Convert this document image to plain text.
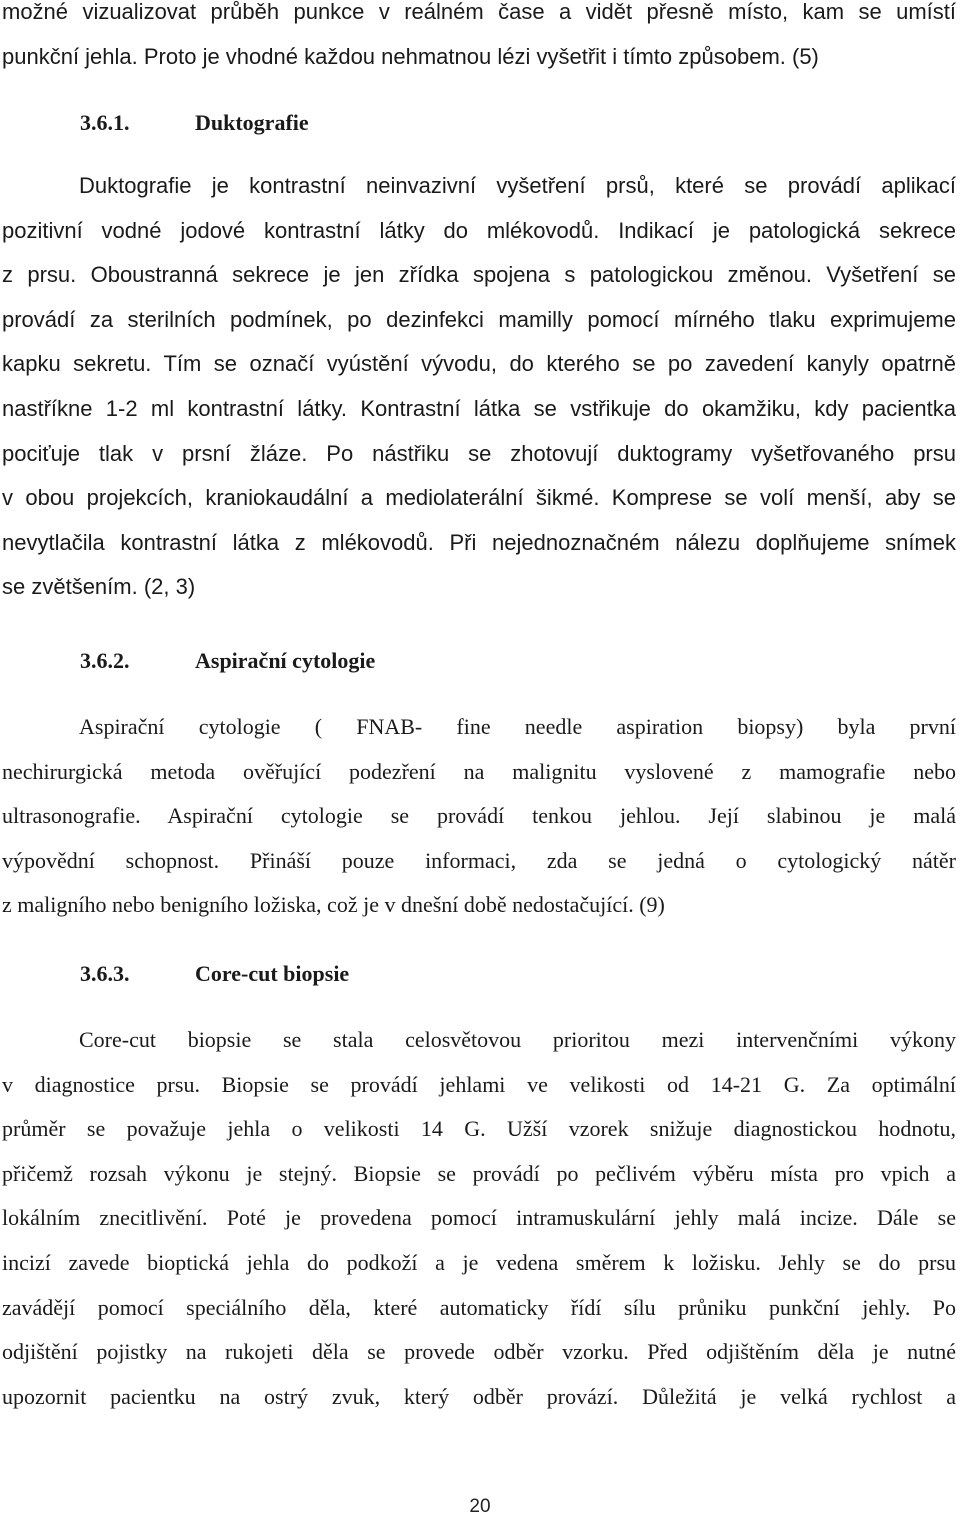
možné vizualizovat průběh punkce v reálném čase a vidět přesně místo, kam se umístí
punkční jehla. Proto je vhodné každou nehmatnou lézi vyšetřit i tímto způsobem. (5)

3.6.1.	Duktografie

Duktografie je kontrastní neinvazivní vyšetření prsů, které se provádí aplikací
pozitivní vodné jodové kontrastní látky do mlékovodů. Indikací je patologická sekrece
z prsu. Oboustranná sekrece je jen zřídka spojena s patologickou změnou. Vyšetření se
provádí za sterilních podmínek, po dezinfekci mamilly pomocí mírného tlaku exprimujeme
kapku sekretu. Tím se označí vyústění vývodu, do kterého se po zavedení kanyly opatrně
nastříkne 1-2 ml kontrastní látky. Kontrastní látka se vstřikuje do okamžiku, kdy pacientka
pociťuje tlak v prsní žláze. Po nástřiku se zhotovují duktogramy vyšetřovaného prsu
v obou projekcích, kraniokaudální a mediolaterální šikmé. Komprese se volí menší, aby se
nevytlačila kontrastní látka z mlékovodů. Při nejednoznačném nálezu doplňujeme snímek
se zvětšením. (2, 3)

3.6.2.	Aspirační cytologie

Aspirační cytologie ( FNAB- fine needle aspiration biopsy) byla první
nechirurgická metoda ověřující podezření na malignitu vyslovené z mamografie nebo
ultrasonografie. Aspirační cytologie se provádí tenkou jehlou. Její slabinou je malá
výpovědní schopnost. Přináší pouze informaci, zda se jedná o cytologický nátěr
z maligního nebo benigního ložiska, což je v dnešní době nedostačující. (9)

3.6.3.	Core-cut biopsie

Core-cut biopsie se stala celosvětovou prioritou mezi intervenčními výkony
v diagnostice prsu. Biopsie se provádí jehlami ve velikosti od 14-21 G. Za optimální
průměr se považuje jehla o velikosti 14 G. Užší vzorek snižuje diagnostickou hodnotu,
přičemž rozsah výkonu je stejný. Biopsie se provádí po pečlivém výběru místa pro vpich a
lokálním znecitlivění. Poté je provedena pomocí intramuskulární jehly malá incize. Dále se
incizí zavede bioptická jehla do podkoží a je vedena směrem k ložisku. Jehly se do prsu
zavádějí pomocí speciálního děla, které automaticky řídí sílu průniku punkční jehly. Po
odjištění pojistky na rukojeti děla se provede odběr vzorku. Před odjištěním děla je nutné
upozornit pacientku na ostrý zvuk, který odběr provází. Důležitá je velká rychlost a

20
